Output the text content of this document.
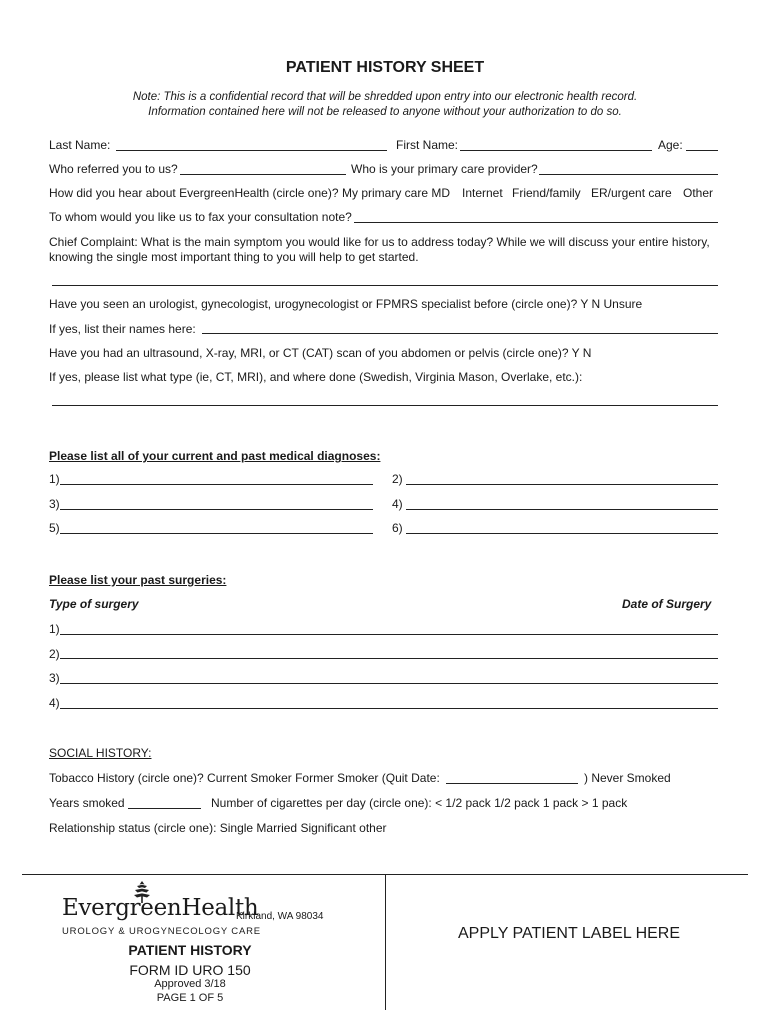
PATIENT HISTORY SHEET
Note: This is a confidential record that will be shredded upon entry into our electronic health record.
Information contained here will not be released to anyone without your authorization to do so.
Last Name:	First Name:	Age:
Who referred you to us?	Who is your primary care provider?
How did you hear about EvergreenHealth (circle one)? My primary care MD Internet Friend/family ER/urgent care Other
To whom would you like us to fax your consultation note?
Chief Complaint: What is the main symptom you would like for us to address today? While we will discuss your entire history,
knowing the single most important thing to you will help to get started.
Have you seen an urologist, gynecologist, urogynecologist or FPMRS specialist before (circle one)? Y N Unsure
If yes, list their names here:
Have you had an ultrasound, X-ray, MRI, or CT (CAT) scan of you abdomen or pelvis (circle one)? Y N
If yes, please list what type (ie, CT, MRI), and where done (Swedish, Virginia Mason, Overlake, etc.):
Please list all of your current and past medical diagnoses:
1)	2)
3)	4)
5)	6)
Please list your past surgeries:
Type of surgery	Date of Surgery
1)
2)
3)
4)
SOCIAL HISTORY:
Tobacco History (circle one)? Current Smoker Former Smoker (Quit Date:	) Never Smoked
Years smoked	Number of cigarettes per day (circle one): < 1/2 pack 1/2 pack 1 pack > 1 pack
Relationship status (circle one): Single Married Significant other
EvergreenHealth
UROLOGY & UROGYNECOLOGY CARE
Kirkland, WA 98034
PATIENT HISTORY
FORM ID URO 150
Approved 3/18
PAGE 1 OF 5
APPLY PATIENT LABEL HERE
